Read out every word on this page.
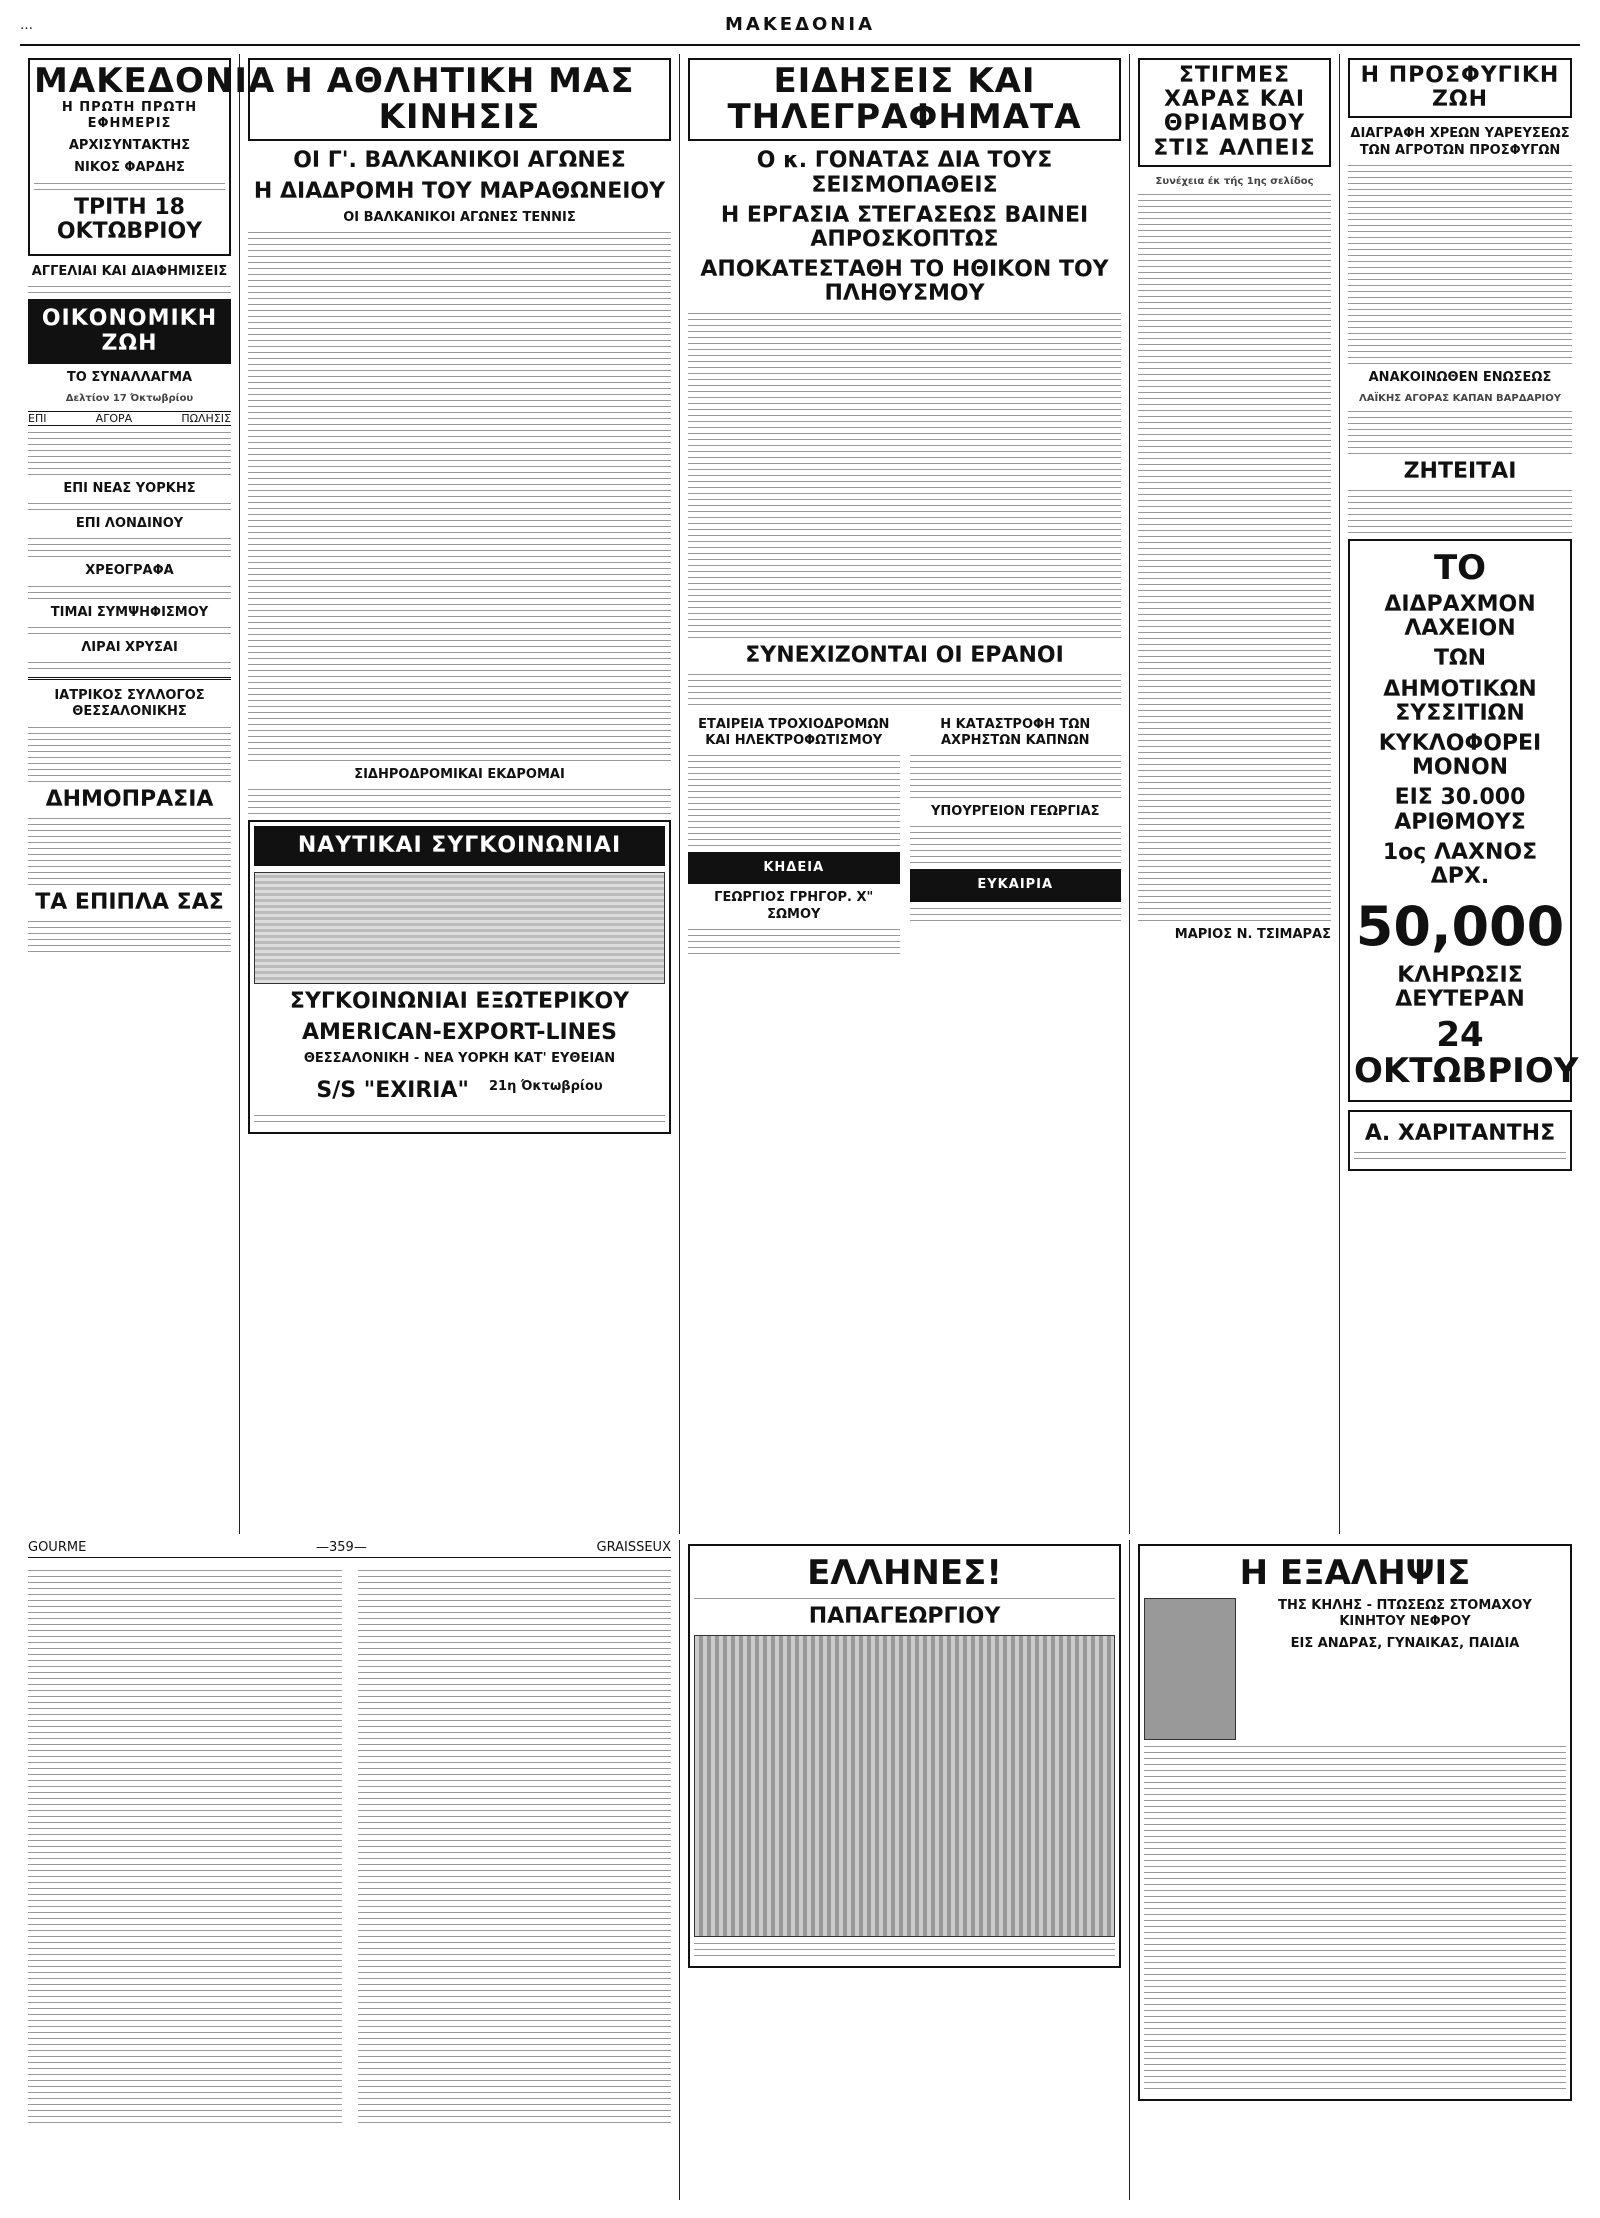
…	ΜΑΚΕΔΟΝΙΑ
ΜΑΚΕΔΟΝΙΑ
Η ΠΡΩΤΗ ΠΡΩΤΗ ΕΦΗΜΕΡΙΣ
ΑΡΧΙΣΥΝΤΑΚΤΗΣ
ΝΙΚΟΣ ΦΑΡΔΗΣ
ΤΡΙΤΗ 18 ΟΚΤΩΒΡΙΟΥ
ΑΓΓΕΛΙΑΙ ΚΑΙ ΔΙΑΦΗΜΙΣΕΙΣ
ΟΙΚΟΝΟΜΙΚΗ ΖΩΗ
ΤΟ ΣΥΝΑΛΛΑΓΜΑ
Δελτίον 17 Όκτωβρίου
ΕΠΙ	ΑΓΟΡΑ	ΠΩΛΗΣΙΣ
ΕΠΙ ΝΕΑΣ ΥΟΡΚΗΣ
ΕΠΙ ΛΟΝΔΙΝΟΥ
ΧΡΕΟΓΡΑΦΑ
ΤΙΜΑΙ ΣΥΜΨΗΦΙΣΜΟΥ
ΛΙΡΑΙ ΧΡΥΣΑΙ
ΙΑΤΡΙΚΟΣ ΣΥΛΛΟΓΟΣ ΘΕΣΣΑΛΟΝΙΚΗΣ
ΔΗΜΟΠΡΑΣΙΑ
ΤΑ ΕΠΙΠΛΑ ΣΑΣ
Η ΑΘΛΗΤΙΚΗ ΜΑΣ ΚΙΝΗΣΙΣ
ΟΙ Γ'. ΒΑΛΚΑΝΙΚΟΙ ΑΓΩΝΕΣ
Η ΔΙΑΔΡΟΜΗ ΤΟΥ ΜΑΡΑΘΩΝΕΙΟΥ
ΟΙ ΒΑΛΚΑΝΙΚΟΙ ΑΓΩΝΕΣ ΤΕΝΝΙΣ
ΣΙΔΗΡΟΔΡΟΜΙΚΑΙ ΕΚΔΡΟΜΑΙ
ΝΑΥΤΙΚΑΙ ΣΥΓΚΟΙΝΩΝΙΑΙ
ΣΥΓΚΟΙΝΩΝΙΑΙ ΕΞΩΤΕΡΙΚΟΥ
AMERICAN-EXPORT-LINES
ΘΕΣΣΑΛΟΝΙΚΗ - ΝΕΑ ΥΟΡΚΗ ΚΑΤ' ΕΥΘΕΙΑΝ
S/S "EXIRIA" 21η Όκτωβρίου
ΕΙΔΗΣΕΙΣ ΚΑΙ ΤΗΛΕΓΡΑΦΗΜΑΤΑ
Ο κ. ΓΟΝΑΤΑΣ ΔΙΑ ΤΟΥΣ ΣΕΙΣΜΟΠΑΘΕΙΣ
Η ΕΡΓΑΣΙΑ ΣΤΕΓΑΣΕΩΣ ΒΑΙΝΕΙ ΑΠΡΟΣΚΟΠΤΩΣ
ΑΠΟΚΑΤΕΣΤΑΘΗ ΤΟ ΗΘΙΚΟΝ ΤΟΥ ΠΛΗΘΥΣΜΟΥ
ΣΥΝΕΧΙΖΟΝΤΑΙ ΟΙ ΕΡΑΝΟΙ
ΕΤΑΙΡΕΙΑ ΤΡΟΧΙΟΔΡΟΜΩΝ ΚΑΙ ΗΛΕΚΤΡΟΦΩΤΙΣΜΟΥ
ΚΗΔΕΙΑ
ΓΕΩΡΓΙΟΣ ΓΡΗΓΟΡ. Χ" ΣΩΜΟΥ
Η ΚΑΤΑΣΤΡΟΦΗ ΤΩΝ ΑΧΡΗΣΤΩΝ ΚΑΠΝΩΝ
ΥΠΟΥΡΓΕΙΟΝ ΓΕΩΡΓΙΑΣ
ΕΥΚΑΙΡΙΑ
ΣΤΙΓΜΕΣ ΧΑΡΑΣ ΚΑΙ
ΘΡΙΑΜΒΟΥ ΣΤΙΣ ΑΛΠΕΙΣ
Συνέχεια έκ τής 1ης σελίδος
ΜΑΡΙΟΣ Ν. ΤΣΙΜΑΡΑΣ
Η ΠΡΟΣΦΥΓΙΚΗ ΖΩΗ
ΔΙΑΓΡΑΦΗ ΧΡΕΩΝ ΥΑΡΕΥΣΕΩΣ ΤΩΝ ΑΓΡΟΤΩΝ ΠΡΟΣΦΥΓΩΝ
ΑΝΑΚΟΙΝΩΘΕΝ ΕΝΩΣΕΩΣ
ΛΑΪΚΗΣ ΑΓΟΡΑΣ ΚΑΠΑΝ ΒΑΡΔΑΡΙΟΥ
ΖΗΤΕΙΤΑΙ
ΤΟ
ΔΙΔΡΑΧΜΟΝ ΛΑΧΕΙΟΝ
ΤΩΝ
ΔΗΜΟΤΙΚΩΝ ΣΥΣΣΙΤΙΩΝ
ΚΥΚΛΟΦΟΡΕΙ ΜΟΝΟΝ
ΕΙΣ 30.000 ΑΡΙΘΜΟΥΣ
1ος ΛΑΧΝΟΣ ΔΡΧ.
50,000
ΚΛΗΡΩΣΙΣ ΔΕΥΤΕΡΑΝ
24 ΟΚΤΩΒΡΙΟΥ
Α. ΧΑΡΙΤΑΝΤΗΣ
GOURME	—359—	GRAISSEUX
ΕΛΛΗΝΕΣ!
ΠΑΠΑΓΕΩΡΓΙΟΥ
Η ΕΞΑΛΗΨΙΣ
ΤΗΣ ΚΗΛΗΣ - ΠΤΩΣΕΩΣ ΣΤΟΜΑΧΟΥ ΚΙΝΗΤΟΥ ΝΕΦΡΟΥ
ΕΙΣ ΑΝΔΡΑΣ, ΓΥΝΑΙΚΑΣ, ΠΑΙΔΙΑ
